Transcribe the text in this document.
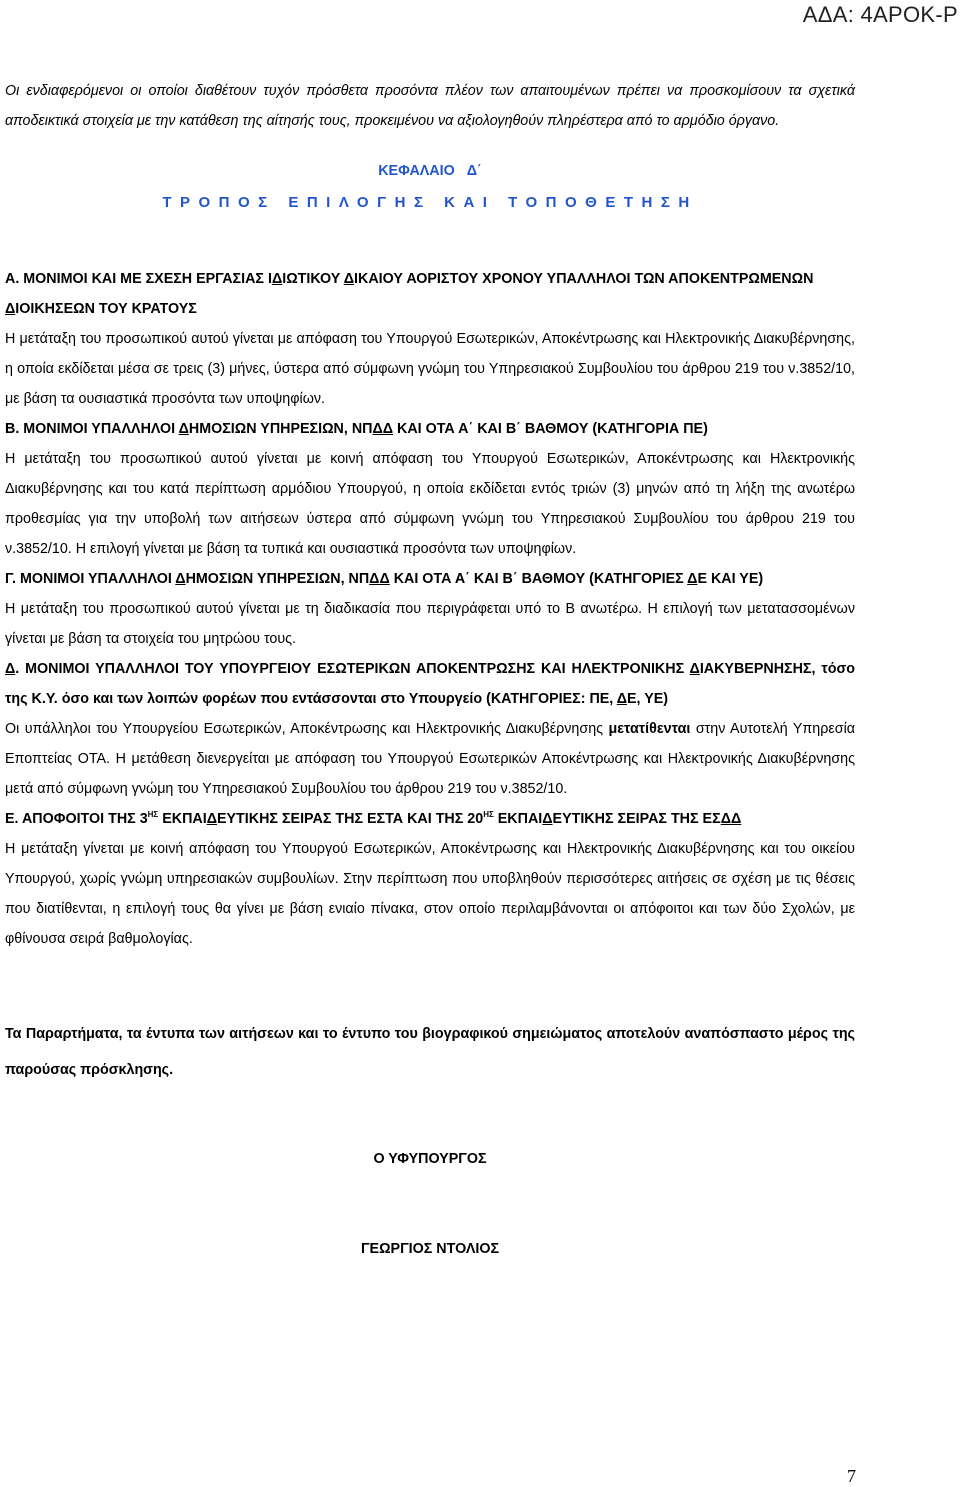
ΑΔΑ: 4ΑΡΟΚ-Ρ

Οι ενδιαφερόμενοι οι οποίοι διαθέτουν τυχόν πρόσθετα προσόντα πλέον των απαιτουμένων πρέπει να προσκομίσουν τα σχετικά αποδεικτικά στοιχεία με την κατάθεση της αίτησής τους, προκειμένου να αξιολογηθούν πληρέστερα από το αρμόδιο όργανο.

ΚΕΦΑΛΑΙΟ Δ΄
ΤΡΟΠΟΣ ΕΠΙΛΟΓΗΣ ΚΑΙ ΤΟΠΟΘΕΤΗΣΗ

Α. ΜΟΝΙΜΟΙ ΚΑΙ ΜΕ ΣΧΕΣΗ ΕΡΓΑΣΙΑΣ ΙΔΙΩΤΙΚΟΥ ΔΙΚΑΙΟΥ ΑΟΡΙΣΤΟΥ ΧΡΟΝΟΥ ΥΠΑΛΛΗΛΟΙ ΤΩΝ ΑΠΟΚΕΝΤΡΩΜΕΝΩΝ ΔΙΟΙΚΗΣΕΩΝ ΤΟΥ ΚΡΑΤΟΥΣ

Η μετάταξη του προσωπικού αυτού γίνεται με απόφαση του Υπουργού Εσωτερικών, Αποκέντρωσης και Ηλεκτρονικής Διακυβέρνησης, η οποία εκδίδεται μέσα σε τρεις (3) μήνες, ύστερα από σύμφωνη γνώμη του Υπηρεσιακού Συμβουλίου του άρθρου 219 του ν.3852/10, με βάση τα ουσιαστικά προσόντα των υποψηφίων.

Β. ΜΟΝΙΜΟΙ ΥΠΑΛΛΗΛΟΙ ΔΗΜΟΣΙΩΝ ΥΠΗΡΕΣΙΩΝ, ΝΠΔΔ ΚΑΙ ΟΤΑ Α΄ ΚΑΙ Β΄ ΒΑΘΜΟΥ (ΚΑΤΗΓΟΡΙΑ ΠΕ)

Η μετάταξη του προσωπικού αυτού γίνεται με κοινή απόφαση του Υπουργού Εσωτερικών, Αποκέντρωσης και Ηλεκτρονικής Διακυβέρνησης και του κατά περίπτωση αρμόδιου Υπουργού, η οποία εκδίδεται εντός τριών (3) μηνών από τη λήξη της ανωτέρω προθεσμίας για την υποβολή των αιτήσεων ύστερα από σύμφωνη γνώμη του Υπηρεσιακού Συμβουλίου του άρθρου 219 του ν.3852/10. Η επιλογή γίνεται με βάση τα τυπικά και ουσιαστικά προσόντα των υποψηφίων.

Γ. ΜΟΝΙΜΟΙ ΥΠΑΛΛΗΛΟΙ ΔΗΜΟΣΙΩΝ ΥΠΗΡΕΣΙΩΝ, ΝΠΔΔ ΚΑΙ ΟΤΑ Α΄ ΚΑΙ Β΄ ΒΑΘΜΟΥ (ΚΑΤΗΓΟΡΙΕΣ ΔΕ ΚΑΙ ΥΕ)

Η μετάταξη του προσωπικού αυτού γίνεται με τη διαδικασία που περιγράφεται υπό το Β ανωτέρω. Η επιλογή των μετατασσομένων γίνεται με βάση τα στοιχεία του μητρώου τους.

Δ. ΜΟΝΙΜΟΙ ΥΠΑΛΛΗΛΟΙ ΤΟΥ ΥΠΟΥΡΓΕΙΟΥ ΕΣΩΤΕΡΙΚΩΝ ΑΠΟΚΕΝΤΡΩΣΗΣ ΚΑΙ ΗΛΕΚΤΡΟΝΙΚΗΣ ΔΙΑΚΥΒΕΡΝΗΣΗΣ, τόσο της Κ.Υ. όσο και των λοιπών φορέων που εντάσσονται στο Υπουργείο (ΚΑΤΗΓΟΡΙΕΣ: ΠΕ, ΔΕ, ΥΕ)

Οι υπάλληλοι του Υπουργείου Εσωτερικών, Αποκέντρωσης και Ηλεκτρονικής Διακυβέρνησης μετατίθενται στην Αυτοτελή Υπηρεσία Εποπτείας ΟΤΑ. Η μετάθεση διενεργείται με απόφαση του Υπουργού Εσωτερικών Αποκέντρωσης και Ηλεκτρονικής Διακυβέρνησης μετά από σύμφωνη γνώμη του Υπηρεσιακού Συμβουλίου του άρθρου 219 του ν.3852/10.

Ε. ΑΠΟΦΟΙΤΟΙ ΤΗΣ $3^{H\Sigma}$ ΕΚΠΑΙΔΕΥΤΙΚΗΣ ΣΕΙΡΑΣ ΤΗΣ ΕΣΤΑ ΚΑΙ ΤΗΣ $20^{H\Sigma}$ ΕΚΠΑΙΔΕΥΤΙΚΗΣ ΣΕΙΡΑΣ ΤΗΣ ΕΣΔΔ

Η μετάταξη γίνεται με κοινή απόφαση του Υπουργού Εσωτερικών, Αποκέντρωσης και Ηλεκτρονικής Διακυβέρνησης και του οικείου Υπουργού, χωρίς γνώμη υπηρεσιακών συμβουλίων. Στην περίπτωση που υποβληθούν περισσότερες αιτήσεις σε σχέση με τις θέσεις που διατίθενται, η επιλογή τους θα γίνει με βάση ενιαίο πίνακα, στον οποίο περιλαμβάνονται οι απόφοιτοι και των δύο Σχολών, με φθίνουσα σειρά βαθμολογίας.

Τα Παραρτήματα, τα έντυπα των αιτήσεων και το έντυπο του βιογραφικού σημειώματος αποτελούν αναπόσπαστο μέρος της παρούσας πρόσκλησης.

Ο ΥΦΥΠΟΥΡΓΟΣ
ΓΕΩΡΓΙΟΣ ΝΤΟΛΙΟΣ
7
